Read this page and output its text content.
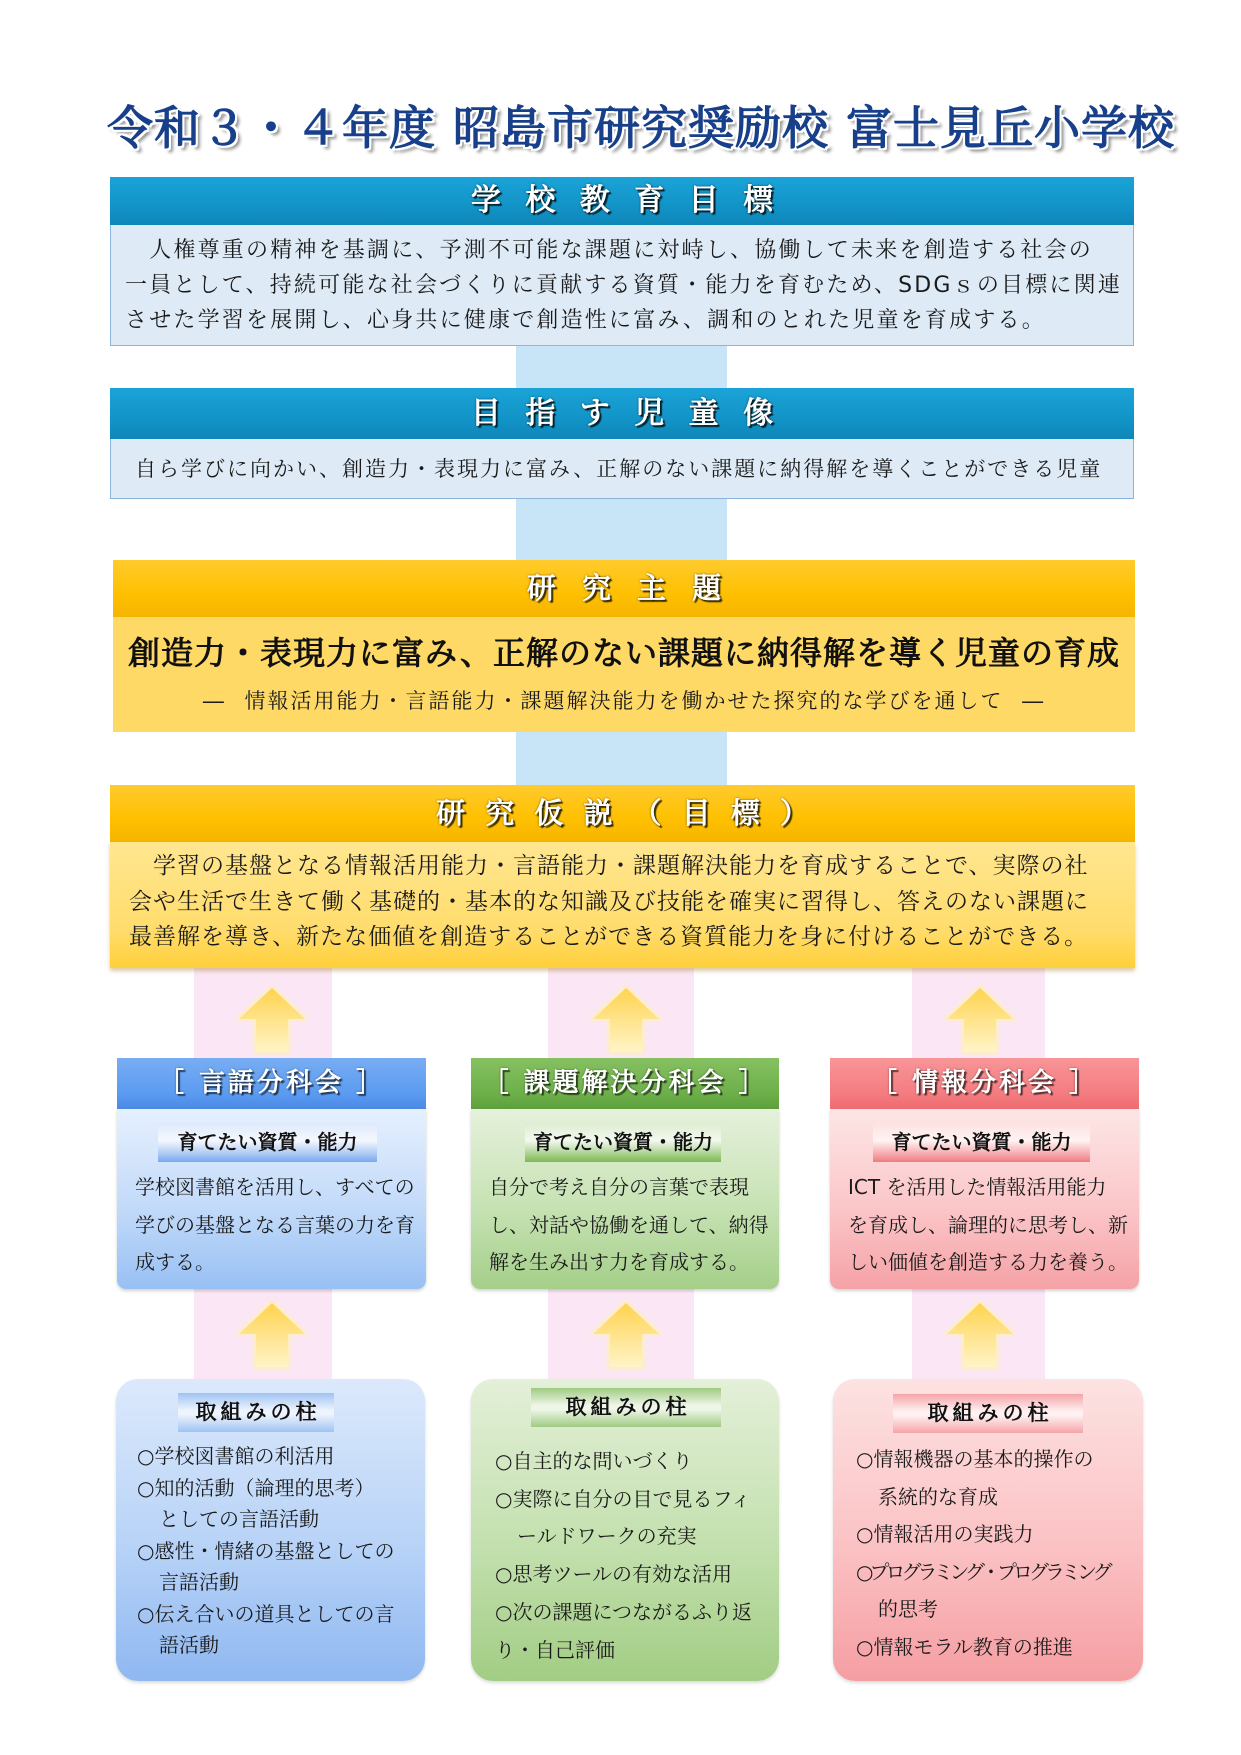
令和３・４年度 昭島市研究奨励校 富士見丘小学校
学 校 教 育 目 標
　人権尊重の精神を基調に、予測不可能な課題に対峙し、協働して未来を創造する社会の
一員として、持続可能な社会づくりに貢献する資質・能力を育むため、SDGｓの目標に関連
させた学習を展開し、心身共に健康で創造性に富み、調和のとれた児童を育成する。
目 指 す 児 童 像
自ら学びに向かい、創造力・表現力に富み、正解のない課題に納得解を導くことができる児童
研 究 主 題
創造力・表現力に富み、正解のない課題に納得解を導く児童の育成
― 情報活用能力・言語能力・課題解決能力を働かせた探究的な学びを通して ―
研 究 仮 説 （ 目 標 ）
　学習の基盤となる情報活用能力・言語能力・課題解決能力を育成することで、実際の社
会や生活で生きて働く基礎的・基本的な知識及び技能を確実に習得し、答えのない課題に
最善解を導き、新たな価値を創造することができる資質能力を身に付けることができる。
［ 言語分科会 ］
育てたい資質・能力
学校図書館を活用し、すべての
学びの基盤となる言葉の力を育
成する。
［ 課題解決分科会 ］
育てたい資質・能力
自分で考え自分の言葉で表現
し、対話や協働を通して、納得
解を生み出す力を育成する。
［ 情報分科会 ］
育てたい資質・能力
ICT を活用した情報活用能力
を育成し、論理的に思考し、新
しい価値を創造する力を養う。
取組みの柱
○学校図書館の利活用
○知的活動（論理的思考）
としての言語活動
○感性・情緒の基盤としての
言語活動
○伝え合いの道具としての言
語活動
取組みの柱
○自主的な問いづくり
○実際に自分の目で見るフィ
ールドワークの充実
○思考ツールの有効な活用
○次の課題につながるふり返
り・自己評価
取組みの柱
○情報機器の基本的操作の
系統的な育成
○情報活用の実践力
○プログラミング・プログラミング
的思考
○情報モラル教育の推進
